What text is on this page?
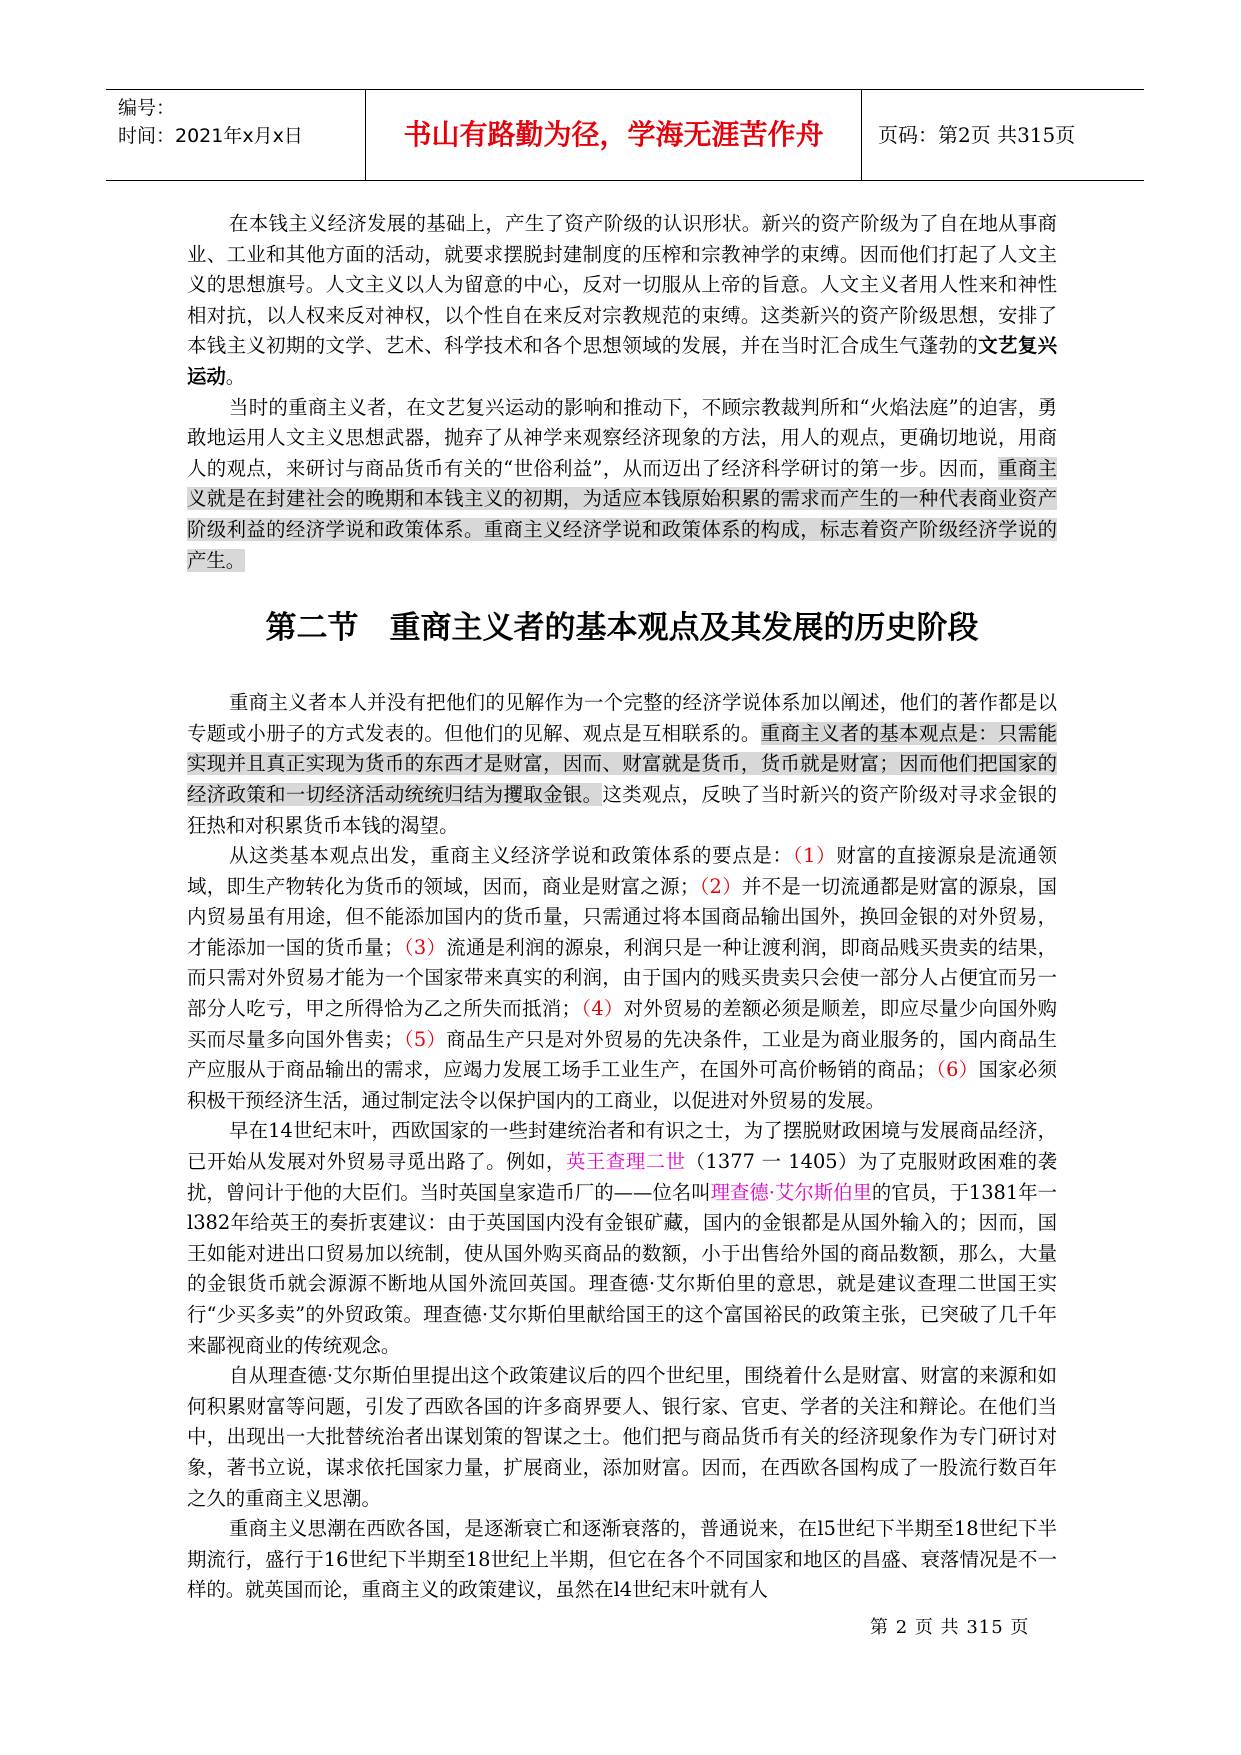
编号：
时间：2021年x月x日	书山有路勤为径，学海无涯苦作舟	页码：第2页 共315页

在本钱主义经济发展的基础上，产生了资产阶级的认识形状。新兴的资产阶级为了自在地从事商业、工业和其他方面的活动，就要求摆脱封建制度的压榨和宗教神学的束缚。因而他们打起了人文主义的思想旗号。人文主义以人为留意的中心，反对一切服从上帝的旨意。人文主义者用人性来和神性相对抗，以人权来反对神权，以个性自在来反对宗教规范的束缚。这类新兴的资产阶级思想，安排了本钱主义初期的文学、艺术、科学技术和各个思想领域的发展，并在当时汇合成生气蓬勃的文艺复兴运动。

当时的重商主义者，在文艺复兴运动的影响和推动下，不顾宗教裁判所和“火焰法庭”的迫害，勇敢地运用人文主义思想武器，抛弃了从神学来观察经济现象的方法，用人的观点，更确切地说，用商人的观点，来研讨与商品货币有关的“世俗利益”，从而迈出了经济科学研讨的第一步。因而，重商主义就是在封建社会的晚期和本钱主义的初期，为适应本钱原始积累的需求而产生的一种代表商业资产阶级利益的经济学说和政策体系。重商主义经济学说和政策体系的构成，标志着资产阶级经济学说的产生。

第二节　重商主义者的基本观点及其发展的历史阶段

重商主义者本人并没有把他们的见解作为一个完整的经济学说体系加以阐述，他们的著作都是以专题或小册子的方式发表的。但他们的见解、观点是互相联系的。重商主义者的基本观点是：只需能实现并且真正实现为货币的东西才是财富，因而、财富就是货币，货币就是财富；因而他们把国家的经济政策和一切经济活动统统归结为攫取金银。这类观点，反映了当时新兴的资产阶级对寻求金银的狂热和对积累货币本钱的渴望。

从这类基本观点出发，重商主义经济学说和政策体系的要点是：（1）财富的直接源泉是流通领域，即生产物转化为货币的领域，因而，商业是财富之源；（2）并不是一切流通都是财富的源泉，国内贸易虽有用途，但不能添加国内的货币量，只需通过将本国商品输出国外，换回金银的对外贸易，才能添加一国的货币量；（3）流通是利润的源泉，利润只是一种让渡利润，即商品贱买贵卖的结果，而只需对外贸易才能为一个国家带来真实的利润，由于国内的贱买贵卖只会使一部分人占便宜而另一部分人吃亏，甲之所得恰为乙之所失而抵消；（4）对外贸易的差额必须是顺差，即应尽量少向国外购买而尽量多向国外售卖；（5）商品生产只是对外贸易的先决条件，工业是为商业服务的，国内商品生产应服从于商品输出的需求，应竭力发展工场手工业生产，在国外可高价畅销的商品；（6）国家必须积极干预经济生活，通过制定法令以保护国内的工商业，以促进对外贸易的发展。

早在14世纪末叶，西欧国家的一些封建统治者和有识之士，为了摆脱财政困境与发展商品经济，已开始从发展对外贸易寻觅出路了。例如，英王查理二世（1377 一 1405）为了克服财政困难的袭扰，曾问计于他的大臣们。当时英国皇家造币厂的——位名叫理查德·艾尔斯伯里的官员，于1381年一l382年给英王的奏折衷建议：由于英国国内没有金银矿藏，国内的金银都是从国外输入的；因而，国王如能对进出口贸易加以统制，使从国外购买商品的数额，小于出售给外国的商品数额，那么，大量的金银货币就会源源不断地从国外流回英国。理查德·艾尔斯伯里的意思，就是建议查理二世国王实行“少买多卖”的外贸政策。理查德·艾尔斯伯里献给国王的这个富国裕民的政策主张，已突破了几千年来鄙视商业的传统观念。

自从理查德·艾尔斯伯里提出这个政策建议后的四个世纪里，围绕着什么是财富、财富的来源和如何积累财富等问题，引发了西欧各国的许多商界要人、银行家、官吏、学者的关注和辩论。在他们当中，出现出一大批替统治者出谋划策的智谋之士。他们把与商品货币有关的经济现象作为专门研讨对象，著书立说，谋求依托国家力量，扩展商业，添加财富。因而，在西欧各国构成了一股流行数百年之久的重商主义思潮。

重商主义思潮在西欧各国，是逐渐衰亡和逐渐衰落的，普通说来，在l5世纪下半期至18世纪下半期流行，盛行于16世纪下半期至18世纪上半期，但它在各个不同国家和地区的昌盛、衰落情况是不一样的。就英国而论，重商主义的政策建议，虽然在l4世纪末叶就有人

第 2 页 共 315 页
